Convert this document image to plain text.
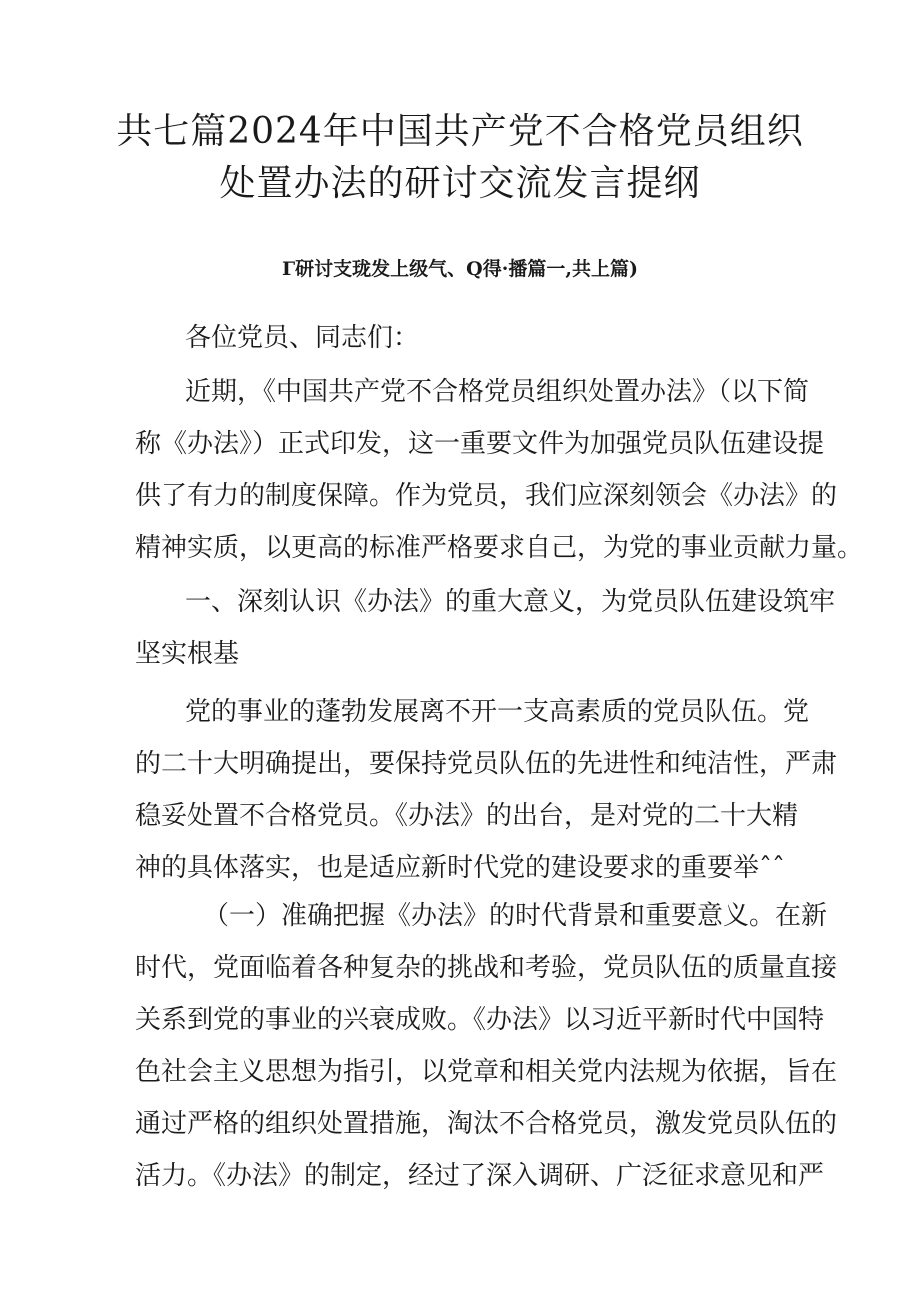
共七篇2024年中国共产党不合格党员组织
处置办法的研讨交流发言提纲
Г研讨支珑发上级气、Q得·播篇一,共上篇)
各位党员、同志们：
近期，《中国共产党不合格党员组织处置办法》（以下简
称《办法》）正式印发，这一重要文件为加强党员队伍建设提
供了有力的制度保障。作为党员，我们应深刻领会《办法》的
精神实质，以更高的标准严格要求自己，为党的事业贡献力量。
一、深刻认识《办法》的重大意义，为党员队伍建设筑牢
坚实根基
党的事业的蓬勃发展离不开一支高素质的党员队伍。党
的二十大明确提出，要保持党员队伍的先进性和纯洁性，严肃
稳妥处置不合格党员。《办法》的出台，是对党的二十大精
神的具体落实，也是适应新时代党的建设要求的重要举ˆˆ
（一）准确把握《办法》的时代背景和重要意义。在新
时代，党面临着各种复杂的挑战和考验，党员队伍的质量直接
关系到党的事业的兴衰成败。《办法》以习近平新时代中国特
色社会主义思想为指引，以党章和相关党内法规为依据，旨在
通过严格的组织处置措施，淘汰不合格党员，激发党员队伍的
活力。《办法》的制定，经过了深入调研、广泛征求意见和严
